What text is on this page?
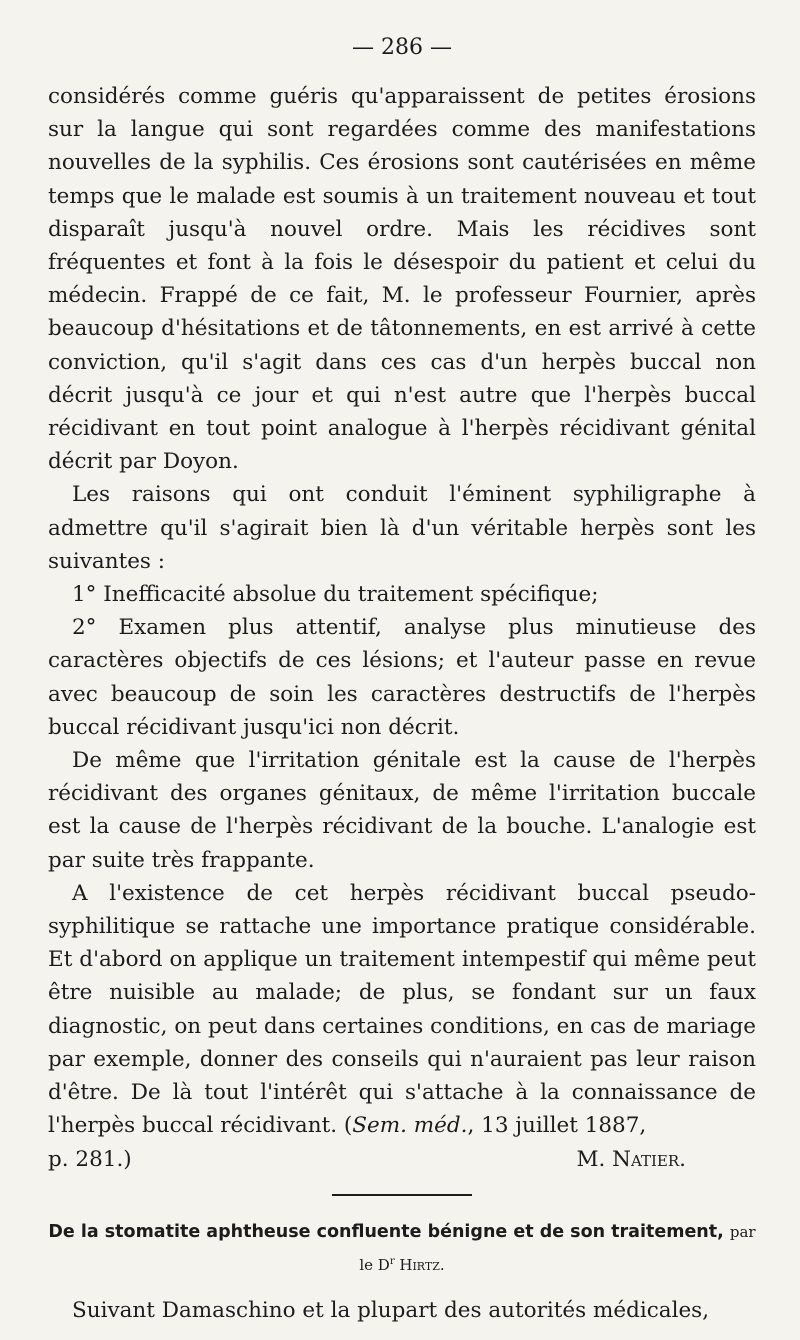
— 286 —

considérés comme guéris qu'apparaissent de petites érosions sur la langue qui sont regardées comme des manifestations nouvelles de la syphilis. Ces érosions sont cautérisées en même temps que le malade est soumis à un traitement nouveau et tout disparaît jusqu'à nouvel ordre. Mais les récidives sont fréquentes et font à la fois le désespoir du patient et celui du médecin. Frappé de ce fait, M. le professeur Fournier, après beaucoup d'hésitations et de tâtonnements, en est arrivé à cette conviction, qu'il s'agit dans ces cas d'un herpès buccal non décrit jusqu'à ce jour et qui n'est autre que l'herpès buccal récidivant en tout point analogue à l'herpès récidivant génital décrit par Doyon.

Les raisons qui ont conduit l'éminent syphiligraphe à admettre qu'il s'agirait bien là d'un véritable herpès sont les suivantes :

1° Inefficacité absolue du traitement spécifique;

2° Examen plus attentif, analyse plus minutieuse des caractères objectifs de ces lésions; et l'auteur passe en revue avec beaucoup de soin les caractères destructifs de l'herpès buccal récidivant jusqu'ici non décrit.

De même que l'irritation génitale est la cause de l'herpès récidivant des organes génitaux, de même l'irritation buccale est la cause de l'herpès récidivant de la bouche. L'analogie est par suite très frappante.

A l'existence de cet herpès récidivant buccal pseudo-syphilitique se rattache une importance pratique considérable. Et d'abord on applique un traitement intempestif qui même peut être nuisible au malade; de plus, se fondant sur un faux diagnostic, on peut dans certaines conditions, en cas de mariage par exemple, donner des conseils qui n'auraient pas leur raison d'être. De là tout l'intérêt qui s'attache à la connaissance de l'herpès buccal récidivant. (Sem. méd., 13 juillet 1887,

p. 281.)	M. Natier.

De la stomatite aphtheuse confluente bénigne et de son traitement, par le $D^r$ Hirtz.

Suivant Damaschino et la plupart des autorités médicales,
